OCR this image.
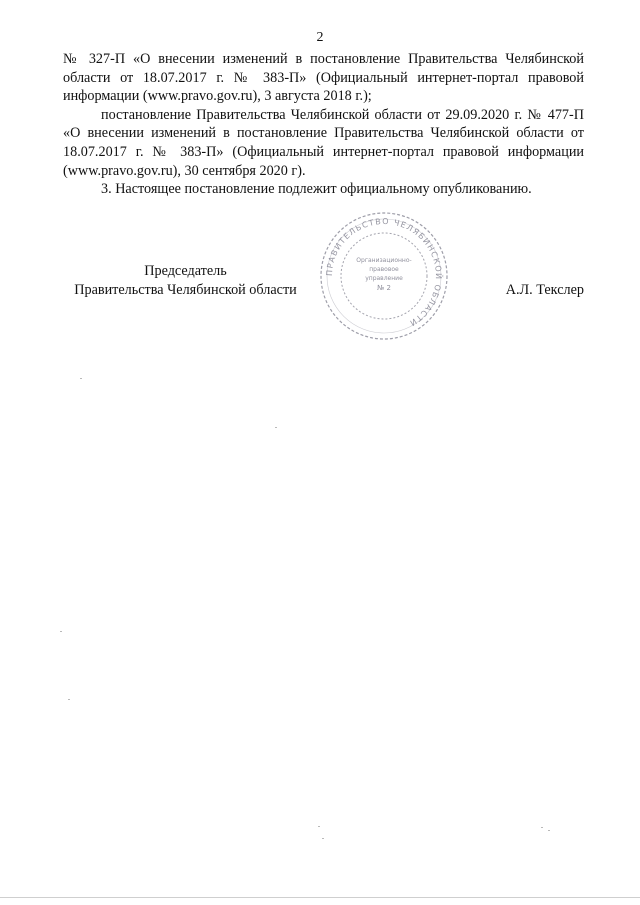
2

№ 327-П «О внесении изменений в постановление Правительства Челябинской области от 18.07.2017 г. № 383-П» (Официальный интернет-портал правовой информации (www.pravo.gov.ru), 3 августа 2018 г.);

постановление Правительства Челябинской области от 29.09.2020 г. № 477-П «О внесении изменений в постановление Правительства Челябинской области от 18.07.2017 г. № 383-П» (Официальный интернет-портал правовой информации (www.pravo.gov.ru), 30 сентября 2020 г).

3. Настоящее постановление подлежит официальному опубликованию.

Председатель
Правительства Челябинской области	А.Л. Текслер
ПРАВИТЕЛЬСТВО ЧЕЛЯБИНСКОЙ ОБЛАСТИ
Организационно-
правовое
управление
№ 2
